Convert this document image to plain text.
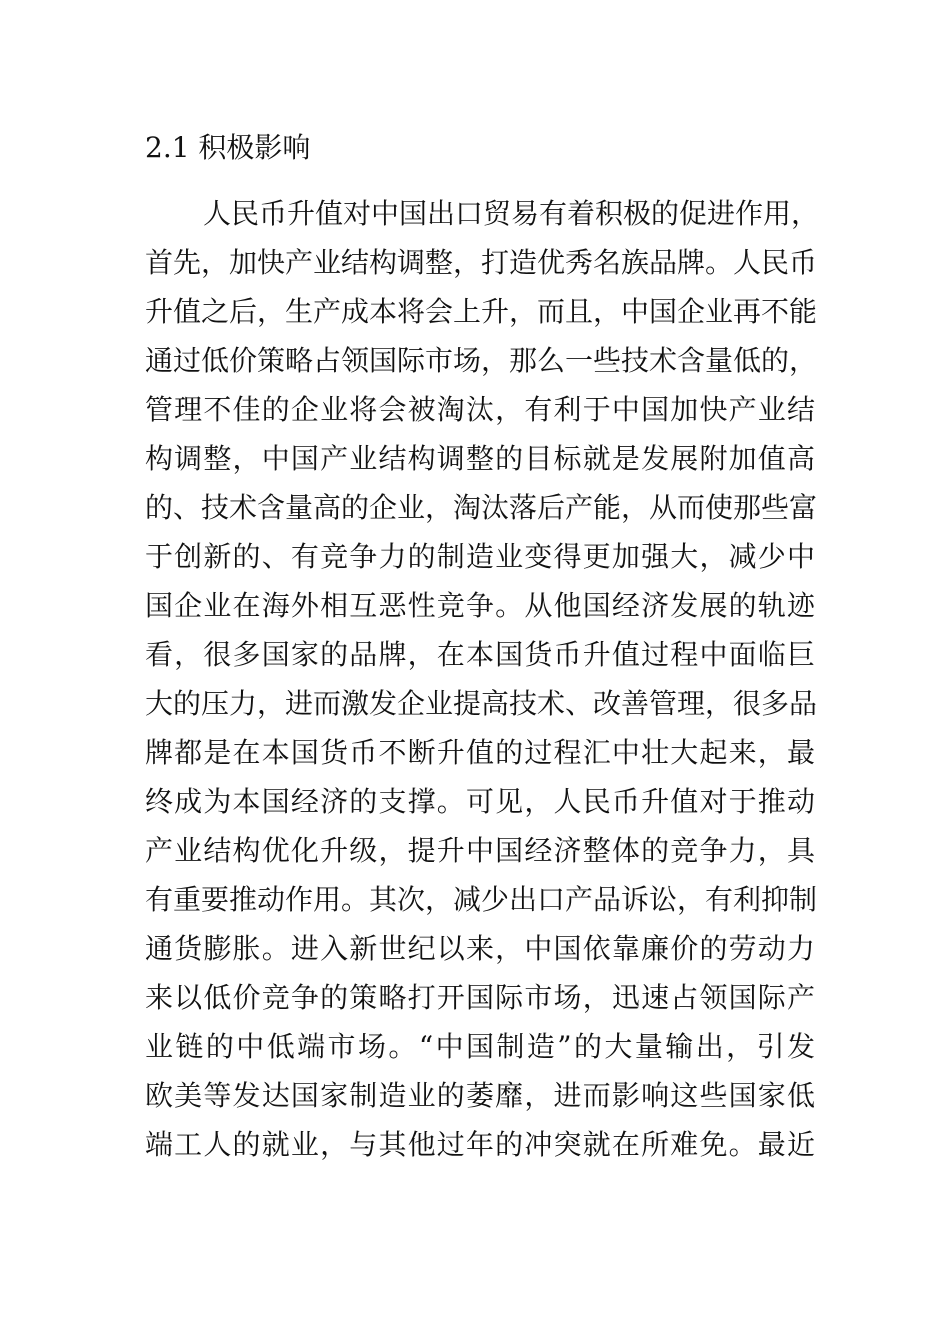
2.1 积极影响
人民币升值对中国出口贸易有着积极的促进作用，
首先，加快产业结构调整，打造优秀名族品牌。人民币
升值之后，生产成本将会上升，而且，中国企业再不能
通过低价策略占领国际市场，那么一些技术含量低的，
管理不佳的企业将会被淘汰，有利于中国加快产业结
构调整，中国产业结构调整的目标就是发展附加值高
的、技术含量高的企业，淘汰落后产能，从而使那些富
于创新的、有竞争力的制造业变得更加强大，减少中
国企业在海外相互恶性竞争。从他国经济发展的轨迹
看，很多国家的品牌，在本国货币升值过程中面临巨
大的压力，进而激发企业提高技术、改善管理，很多品
牌都是在本国货币不断升值的过程汇中壮大起来，最
终成为本国经济的支撑。可见，人民币升值对于推动
产业结构优化升级，提升中国经济整体的竞争力，具
有重要推动作用。其次，减少出口产品诉讼，有利抑制
通货膨胀。进入新世纪以来，中国依靠廉价的劳动力
来以低价竞争的策略打开国际市场，迅速占领国际产
业链的中低端市场。“中国制造”的大量输出，引发
欧美等发达国家制造业的萎靡，进而影响这些国家低
端工人的就业，与其他过年的冲突就在所难免。最近
